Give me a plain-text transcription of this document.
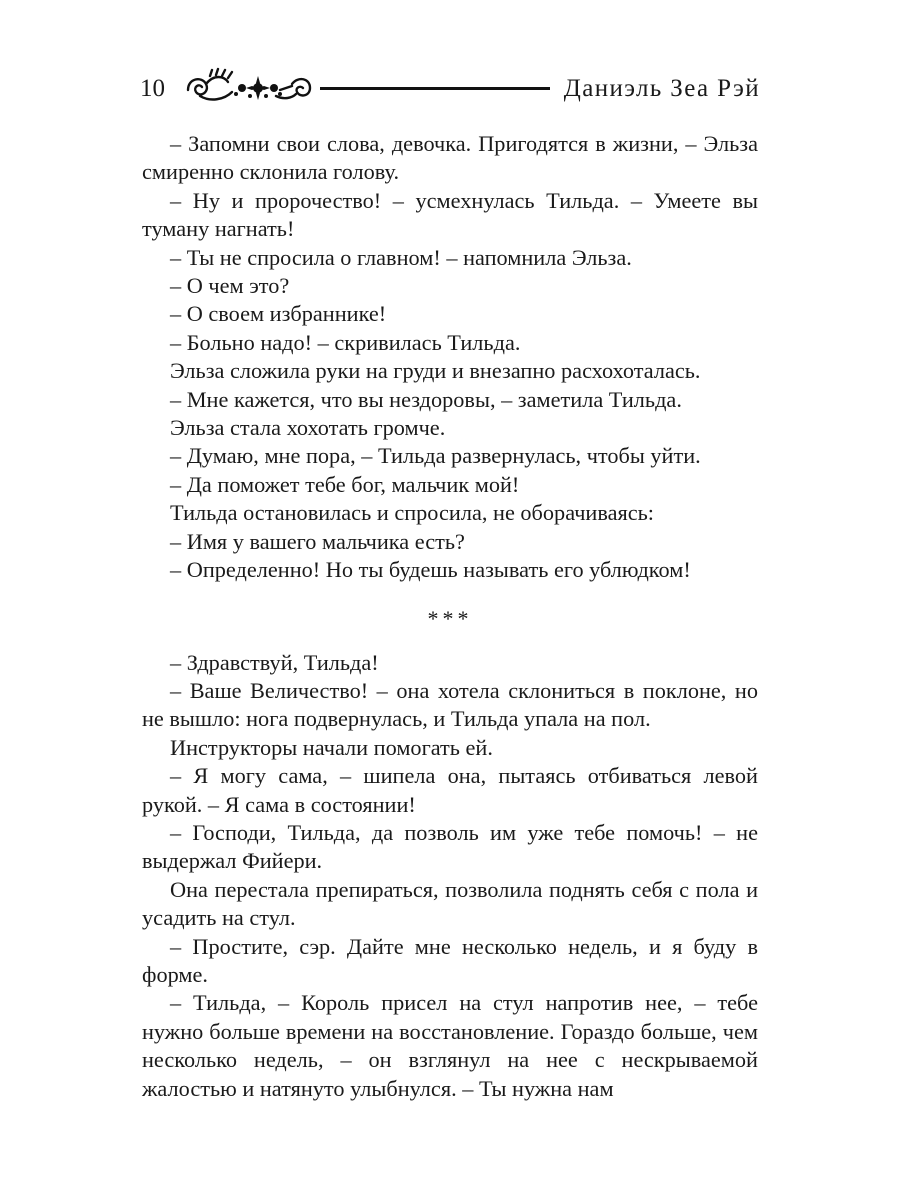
10	Даниэль Зеа Рэй

– Запомни свои слова, девочка. Пригодятся в жизни, – Эльза смиренно склонила голову.

– Ну и пророчество! – усмехнулась Тильда. – Умеете вы туману нагнать!

– Ты не спросила о главном! – напомнила Эльза.

– О чем это?

– О своем избраннике!

– Больно надо! – скривилась Тильда.

Эльза сложила руки на груди и внезапно расхохоталась.

– Мне кажется, что вы нездоровы, – заметила Тильда.

Эльза стала хохотать громче.

– Думаю, мне пора, – Тильда развернулась, чтобы уйти.

– Да поможет тебе бог, мальчик мой!

Тильда остановилась и спросила, не оборачиваясь:

– Имя у вашего мальчика есть?

– Определенно! Но ты будешь называть его ублюдком!

***

– Здравствуй, Тильда!

– Ваше Величество! – она хотела склониться в поклоне, но не вышло: нога подвернулась, и Тильда упала на пол.

Инструкторы начали помогать ей.

– Я могу сама, – шипела она, пытаясь отбиваться левой рукой. – Я сама в состоянии!

– Господи, Тильда, да позволь им уже тебе помочь! – не выдержал Фийери.

Она перестала препираться, позволила поднять себя с пола и усадить на стул.

– Простите, сэр. Дайте мне несколько недель, и я буду в форме.

– Тильда, – Король присел на стул напротив нее, – тебе нужно больше времени на восстановление. Гораздо больше, чем несколько недель, – он взглянул на нее с нескрываемой жалостью и натянуто улыбнулся. – Ты нужна нам
